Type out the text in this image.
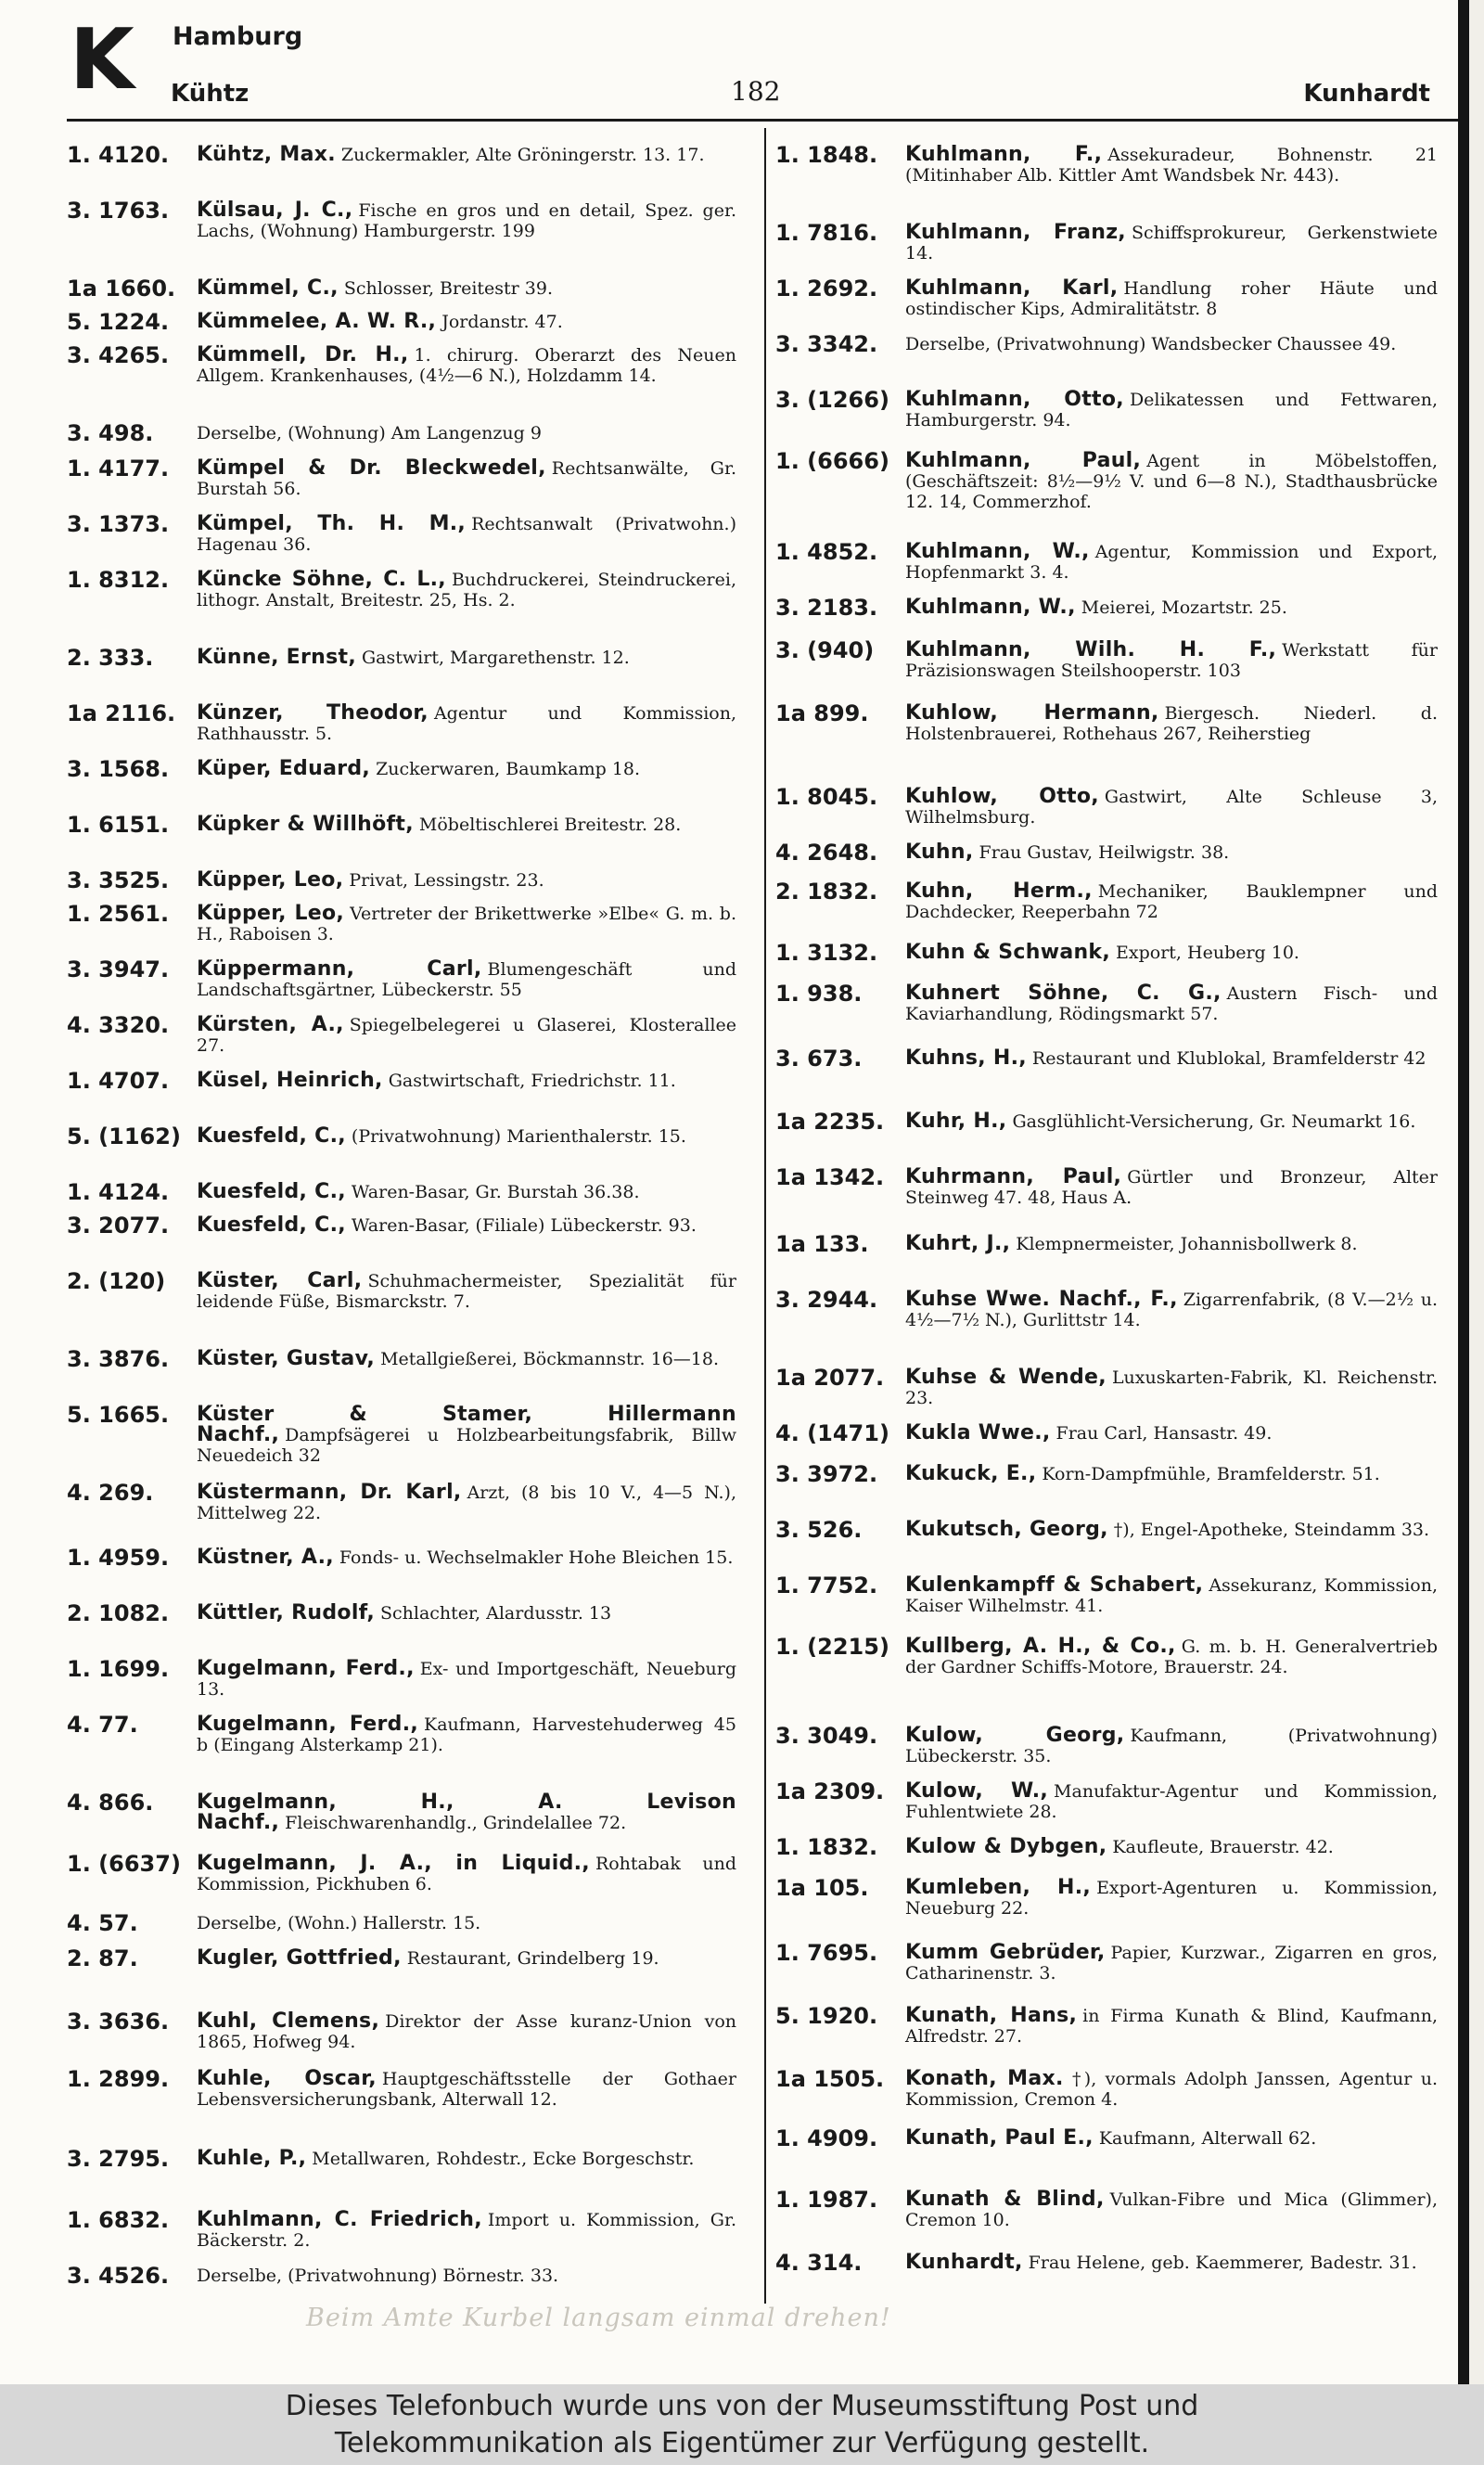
K Hamburg
Kühtz	182	Kunhardt
1. 4120. Kühtz, Max. Zuckermakler, Alte Gröningerstr. 13. 17.
3. 1763. Külsau, J. C., Fische en gros und en detail, Spez. ger. Lachs, (Wohnung) Hamburgerstr. 199
1a 1660. Kümmel, C., Schlosser, Breitestr 39.
5. 1224. Kümmelee, A. W. R., Jordanstr. 47.
3. 4265. Kümmell, Dr. H., 1. chirurg. Oberarzt des Neuen Allgem. Krankenhauses, (4½—6 N.), Holzdamm 14.
3. 498. Derselbe, (Wohnung) Am Langenzug 9
1. 4177. Kümpel & Dr. Bleckwedel, Rechtsanwälte, Gr. Burstah 56.
3. 1373. Kümpel, Th. H. M., Rechtsanwalt (Privatwohn.) Hagenau 36.
1. 8312. Küncke Söhne, C. L., Buchdruckerei, Steindruckerei, lithogr. Anstalt, Breitestr. 25, Hs. 2.
2. 333. Künne, Ernst, Gastwirt, Margarethenstr. 12.
1a 2116. Künzer, Theodor, Agentur und Kommission, Rathhausstr. 5.
3. 1568. Küper, Eduard, Zuckerwaren, Baumkamp 18.
1. 6151. Küpker & Willhöft, Möbeltischlerei Breitestr. 28.
3. 3525. Küpper, Leo, Privat, Lessingstr. 23.
1. 2561. Küpper, Leo, Vertreter der Brikettwerke »Elbe« G. m. b. H., Raboisen 3.
3. 3947. Küppermann, Carl, Blumengeschäft und Landschaftsgärtner, Lübeckerstr. 55
4. 3320. Kürsten, A., Spiegelbelegerei u Glaserei, Klosterallee 27.
1. 4707. Küsel, Heinrich, Gastwirtschaft, Friedrichstr. 11.
5. (1162) Kuesfeld, C., (Privatwohnung) Marienthalerstr. 15.
1. 4124. Kuesfeld, C., Waren-Basar, Gr. Burstah 36.38.
3. 2077. Kuesfeld, C., Waren-Basar, (Filiale) Lübeckerstr. 93.
2. (120) Küster, Carl, Schuhmachermeister, Spezialität für leidende Füße, Bismarckstr. 7.
3. 3876. Küster, Gustav, Metallgießerei, Böckmannstr. 16—18.
5. 1665. Küster & Stamer, Hillermann Nachf., Dampfsägerei u Holzbearbeitungsfabrik, Billw Neuedeich 32
4. 269. Küstermann, Dr. Karl, Arzt, (8 bis 10 V., 4—5 N.), Mittelweg 22.
1. 4959. Küstner, A., Fonds- u. Wechselmakler Hohe Bleichen 15.
2. 1082. Küttler, Rudolf, Schlachter, Alardusstr. 13
1. 1699. Kugelmann, Ferd., Ex- und Importgeschäft, Neueburg 13.
4. 77.	Kugelmann, Ferd., Kaufmann, Harvestehuderweg 45 b (Eingang Alsterkamp 21).
4. 866. Kugelmann, H., A. Levison Nachf., Fleischwarenhandlg., Grindelallee 72.
1. (6637) Kugelmann, J. A., in Liquid., Rohtabak und Kommission, Pickhuben 6.
4. 57.	Derselbe, (Wohn.) Hallerstr. 15.
2. 87.	Kugler, Gottfried, Restaurant, Grindelberg 19.
3. 3636. Kuhl, Clemens, Direktor der Asse kuranz-Union von 1865, Hofweg 94.
1. 2899. Kuhle, Oscar, Hauptgeschäftsstelle der Gothaer Lebensversicherungsbank, Alterwall 12.
3. 2795. Kuhle, P., Metallwaren, Rohdestr., Ecke Borgeschstr.
1. 6832. Kuhlmann, C. Friedrich, Import u. Kommission, Gr. Bäckerstr. 2.
3. 4526. Derselbe, (Privatwohnung) Börnestr. 33.
1. 1848. Kuhlmann, F., Assekuradeur, Bohnenstr. 21 (Mitinhaber Alb. Kittler Amt Wandsbek Nr. 443).
1. 7816. Kuhlmann, Franz, Schiffsprokureur, Gerkenstwiete 14.
1. 2692. Kuhlmann, Karl, Handlung roher Häute und ostindischer Kips, Admiralitätstr. 8
3. 3342. Derselbe, (Privatwohnung) Wandsbecker Chaussee 49.
3. (1266) Kuhlmann, Otto, Delikatessen und Fettwaren, Hamburgerstr. 94.
1. (6666) Kuhlmann, Paul, Agent in Möbelstoffen, (Geschäftszeit: 8½—9½ V. und 6—8 N.), Stadthausbrücke 12. 14, Commerzhof.
1. 4852. Kuhlmann, W., Agentur, Kommission und Export, Hopfenmarkt 3. 4.
3. 2183. Kuhlmann, W., Meierei, Mozartstr. 25.
3. (940) Kuhlmann, Wilh. H. F., Werkstatt für Präzisionswagen Steilshooperstr. 103
1a 899. Kuhlow, Hermann, Biergesch. Niederl. d. Holstenbrauerei, Rothehaus 267, Reiherstieg
1. 8045. Kuhlow, Otto, Gastwirt, Alte Schleuse 3, Wilhelmsburg.
4. 2648. Kuhn, Frau Gustav, Heilwigstr. 38.
2. 1832. Kuhn, Herm., Mechaniker, Bauklempner und Dachdecker, Reeperbahn 72
1. 3132. Kuhn & Schwank, Export, Heuberg 10.
1. 938. Kuhnert Söhne, C. G., Austern Fisch- und Kaviarhandlung, Rödingsmarkt 57.
3. 673. Kuhns, H., Restaurant und Klublokal, Bramfelderstr 42
1a 2235. Kuhr, H., Gasglühlicht-Versicherung, Gr. Neumarkt 16.
1a 1342. Kuhrmann, Paul, Gürtler und Bronzeur, Alter Steinweg 47. 48, Haus A.
1a 133. Kuhrt, J., Klempnermeister, Johannisbollwerk 8.
3. 2944. Kuhse Wwe. Nachf., F., Zigarrenfabrik, (8 V.—2½ u. 4½—7½ N.), Gurlittstr 14.
1a 2077. Kuhse & Wende, Luxuskarten-Fabrik, Kl. Reichenstr. 23.
4. (1471) Kukla Wwe., Frau Carl, Hansastr. 49.
3. 3972. Kukuck, E., Korn-Dampfmühle, Bramfelderstr. 51.
3. 526. Kukutsch, Georg, †), Engel-Apotheke, Steindamm 33.
1. 7752. Kulenkampff & Schabert, Assekuranz, Kommission, Kaiser Wilhelmstr. 41.
1. (2215) Kullberg, A. H., & Co., G. m. b. H. Generalvertrieb der Gardner Schiffs-Motore, Brauerstr. 24.
3. 3049. Kulow, Georg, Kaufmann, (Privatwohnung) Lübeckerstr. 35.
1a 2309. Kulow, W., Manufaktur-Agentur und Kommission, Fuhlentwiete 28.
1. 1832. Kulow & Dybgen, Kaufleute, Brauerstr. 42.
1a 105. Kumleben, H., Export-Agenturen u. Kommission, Neueburg 22.
1. 7695. Kumm Gebrüder, Papier, Kurzwar., Zigarren en gros, Catharinenstr. 3.
5. 1920. Kunath, Hans, in Firma Kunath & Blind, Kaufmann, Alfredstr. 27.
1a 1505. Konath, Max. †), vormals Adolph Janssen, Agentur u. Kommission, Cremon 4.
1. 4909. Kunath, Paul E., Kaufmann, Alterwall 62.
1. 1987. Kunath & Blind, Vulkan-Fibre und Mica (Glimmer), Cremon 10.
4. 314. Kunhardt, Frau Helene, geb. Kaemmerer, Badestr. 31.
Beim Amte Kurbel langsam einmal drehen!
Dieses Telefonbuch wurde uns von der Museumsstiftung Post und
Telekommunikation als Eigentümer zur Verfügung gestellt.
